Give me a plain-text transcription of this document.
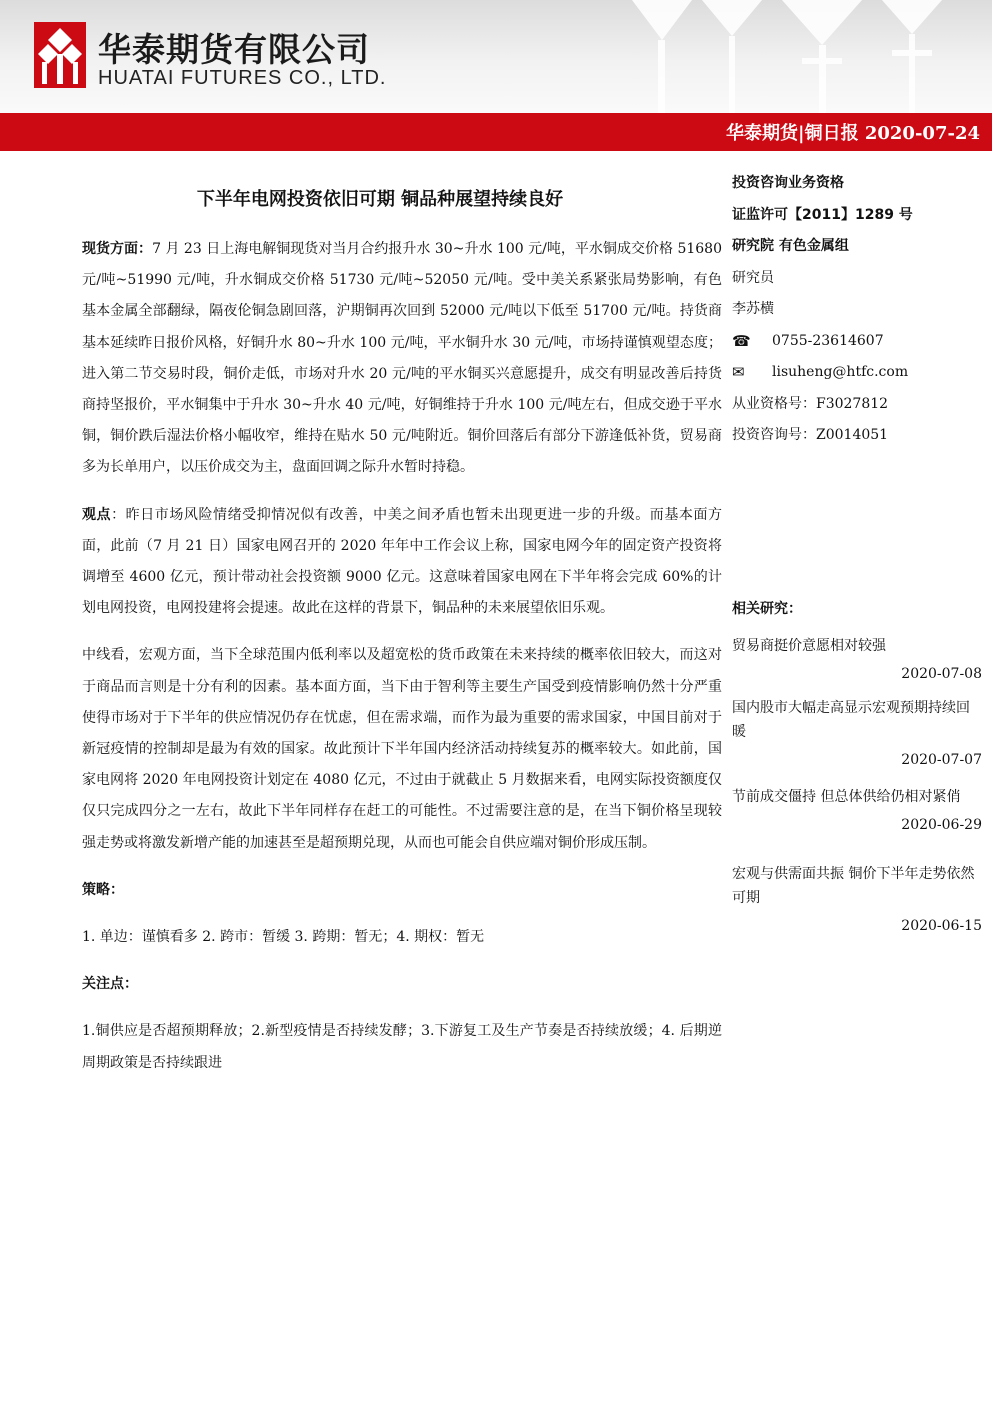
华泰期货有限公司
HUATAI FUTURES CO., LTD.
华泰期货|铜日报 2020-07-24
下半年电网投资依旧可期 铜品种展望持续良好

现货方面：7 月 23 日上海电解铜现货对当月合约报升水 30~升水 100 元/吨，平水铜成交价格 51680 元/吨~51990 元/吨，升水铜成交价格 51730 元/吨~52050 元/吨。受中美关系紧张局势影响，有色基本金属全部翻绿，隔夜伦铜急剧回落，沪期铜再次回到 52000 元/吨以下低至 51700 元/吨。持货商基本延续昨日报价风格，好铜升水 80~升水 100 元/吨，平水铜升水 30 元/吨，市场持谨慎观望态度；进入第二节交易时段，铜价走低，市场对升水 20 元/吨的平水铜买兴意愿提升，成交有明显改善后持货商持坚报价，平水铜集中于升水 30~升水 40 元/吨，好铜维持于升水 100 元/吨左右，但成交逊于平水铜，铜价跌后湿法价格小幅收窄，维持在贴水 50 元/吨附近。铜价回落后有部分下游逢低补货，贸易商多为长单用户，以压价成交为主，盘面回调之际升水暂时持稳。

观点：昨日市场风险情绪受抑情况似有改善，中美之间矛盾也暂未出现更进一步的升级。而基本面方面，此前（7 月 21 日）国家电网召开的 2020 年年中工作会议上称，国家电网今年的固定资产投资将调增至 4600 亿元，预计带动社会投资额 9000 亿元。这意味着国家电网在下半年将会完成 60%的计划电网投资，电网投建将会提速。故此在这样的背景下，铜品种的未来展望依旧乐观。

中线看，宏观方面，当下全球范围内低利率以及超宽松的货币政策在未来持续的概率依旧较大，而这对于商品而言则是十分有利的因素。基本面方面，当下由于智利等主要生产国受到疫情影响仍然十分严重使得市场对于下半年的供应情况仍存在忧虑，但在需求端，而作为最为重要的需求国家，中国目前对于新冠疫情的控制却是最为有效的国家。故此预计下半年国内经济活动持续复苏的概率较大。如此前，国家电网将 2020 年电网投资计划定在 4080 亿元，不过由于就截止 5 月数据来看，电网实际投资额度仅仅只完成四分之一左右，故此下半年同样存在赶工的可能性。不过需要注意的是，在当下铜价格呈现较强走势或将激发新增产能的加速甚至是超预期兑现，从而也可能会自供应端对铜价形成压制。

策略：

1. 单边：谨慎看多 2. 跨市：暂缓 3. 跨期：暂无；4. 期权：暂无

关注点：

1.铜供应是否超预期释放；2.新型疫情是否持续发酵；3.下游复工及生产节奏是否持续放缓；4. 后期逆周期政策是否持续跟进

投资咨询业务资格
证监许可【2011】1289 号
研究院 有色金属组
研究员
李苏横
☎	0755-23614607
✉	lisuheng@htfc.com
从业资格号：F3027812
投资咨询号：Z0014051
相关研究：
贸易商挺价意愿相对较强
2020-07-08
国内股市大幅走高显示宏观预期持续回暖
2020-07-07
节前成交僵持 但总体供给仍相对紧俏
2020-06-29
宏观与供需面共振 铜价下半年走势依然可期
2020-06-15
